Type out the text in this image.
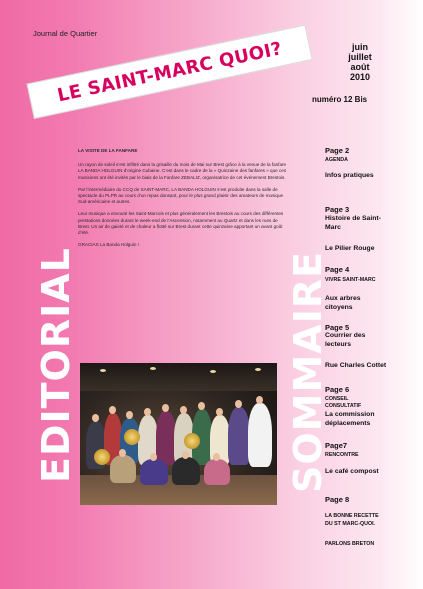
Journal de Quartier
juin
juillet
août
2010
numéro 12 Bis
LE SAINT-MARC QUOI?
EDITORIAL	SOMMAIRE
LA VISITE DE LA FANFARE

Un rayon de soleil s’est infiltré dans la grisaille du mois de Mai sur Brest grâce à la venue de la fanfare LA BANDA HOLGUIN d’origine Cubaine. C’est dans le cadre de la « Quinzaine des fanfares » que ces musiciens ont été invités par le biais de la Fanfare ZEBALIZ, organisatrice de cet événement Brestois.

Par l’intermédiaire du CCQ de SAINT-MARC, LA BANDA HOLGUIN s’est produite dans la salle de spectacle du PLPR au cours d’un repas dansant, pour le plus grand plaisir des amateurs de musique Sud-américaine et autres.

Leur musique a envouté les Saint-Marcois et plus généralement les Brestois au cours des différentes prestations données durant le week-end de l’Ascension, notamment au Quartz et dans les rues de Brest. Un air de gaieté et de chaleur a flotté sur Brest durant cette quinzaine apportant un avant goût d’été.

GRACIAS La Banda Holguin !

Page 2
AGENDA
Infos pratiques
Page 3
Histoire de Saint-
Marc
Le Pilier Rouge
Page 4
VIVRE SAINT-MARC
Aux arbres
citoyens
Page 5
Courrier des
lecteurs
Rue Charles Cottet
Page 6
CONSEIL
CONSULTATIF
La commission
déplacements
Page7
RENCONTRE
Le café compost
Page 8
LA BONNE RECETTE
DU ST MARC-QUOI.
PARLONS BRETON
